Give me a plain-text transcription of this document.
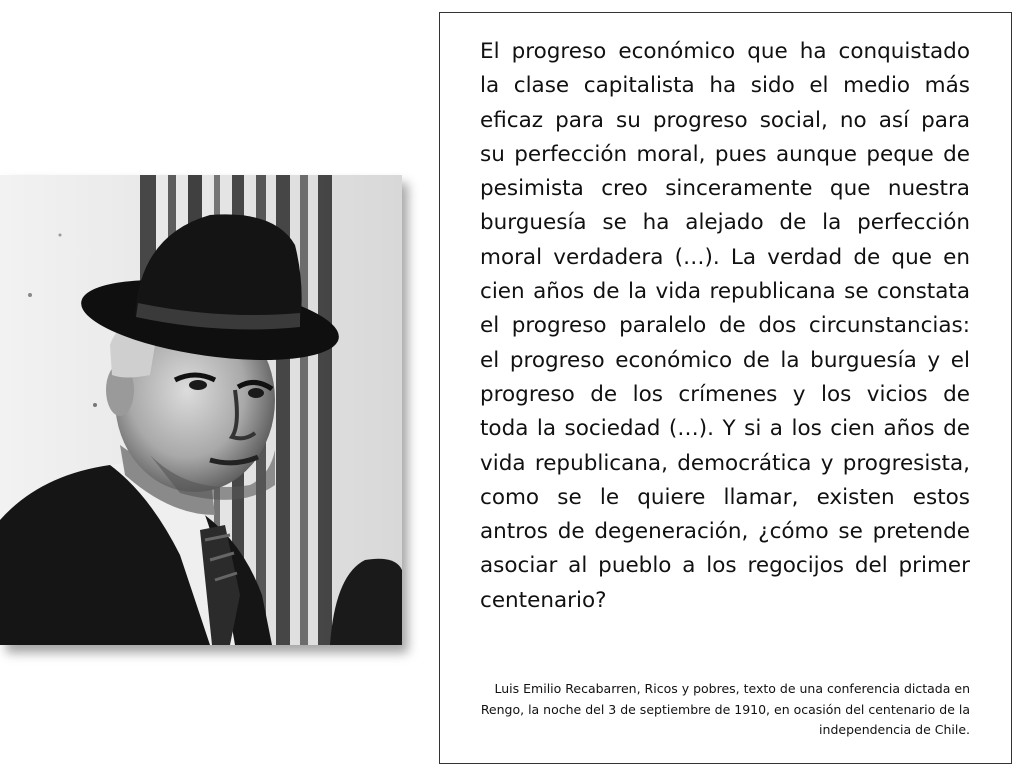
El progreso económico que ha conquistado la clase capitalista ha sido el medio más eficaz para su progreso social, no así para su perfección moral, pues aunque peque de pesimista creo sinceramente que nuestra burguesía se ha alejado de la perfección moral verdadera (…). La verdad de que en cien años de la vida republicana se constata el progreso paralelo de dos circunstancias: el progreso económico de la burguesía y el progreso de los crímenes y los vicios de toda la sociedad (…). Y si a los cien años de vida republicana, democrática y progresista, como se le quiere llamar, existen estos antros de degeneración, ¿cómo se pretende asociar al pueblo a los regocijos del primer centenario?

Luis Emilio Recabarren, Ricos y pobres, texto de una conferencia dictada en Rengo, la noche del 3 de septiembre de 1910, en ocasión del centenario de la independencia de Chile.
